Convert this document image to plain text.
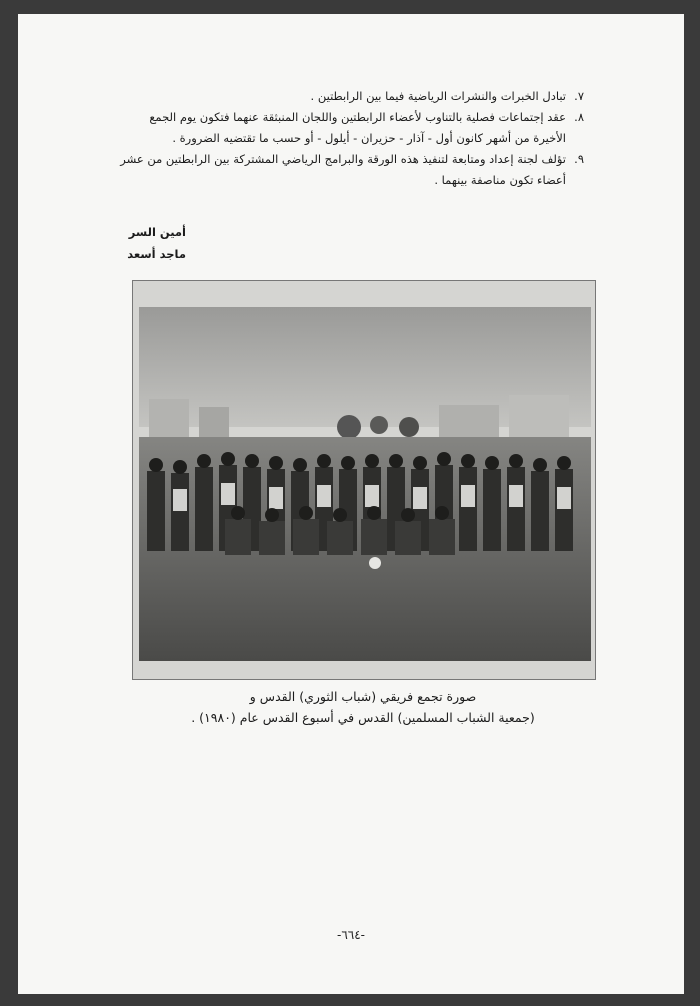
٧.
تبادل الخبرات والنشرات الرياضية فيما بين الرابطتين .
٨.
عقد إجتماعات فصلية بالتناوب لأعضاء الرابطتين واللجان المنبثقة عنهما فتكون يوم الجمع الأخيرة من أشهر كانون أول - آذار - حزيران - أيلول - أو حسب ما تقتضيه الضرورة .
٩.
تؤلف لجنة إعداد ومتابعة لتنفيذ هذه الورقة والبرامج الرياضي المشتركة بين الرابطتين من عشر أعضاء تكون مناصفة بينهما .
أمين السر
ماجد أسعد
صورة تجمع فريقي (شباب الثوري) القدس و
(جمعية الشباب المسلمين) القدس في أسبوع القدس عام (١٩٨٠) .
-٦٦٤-
